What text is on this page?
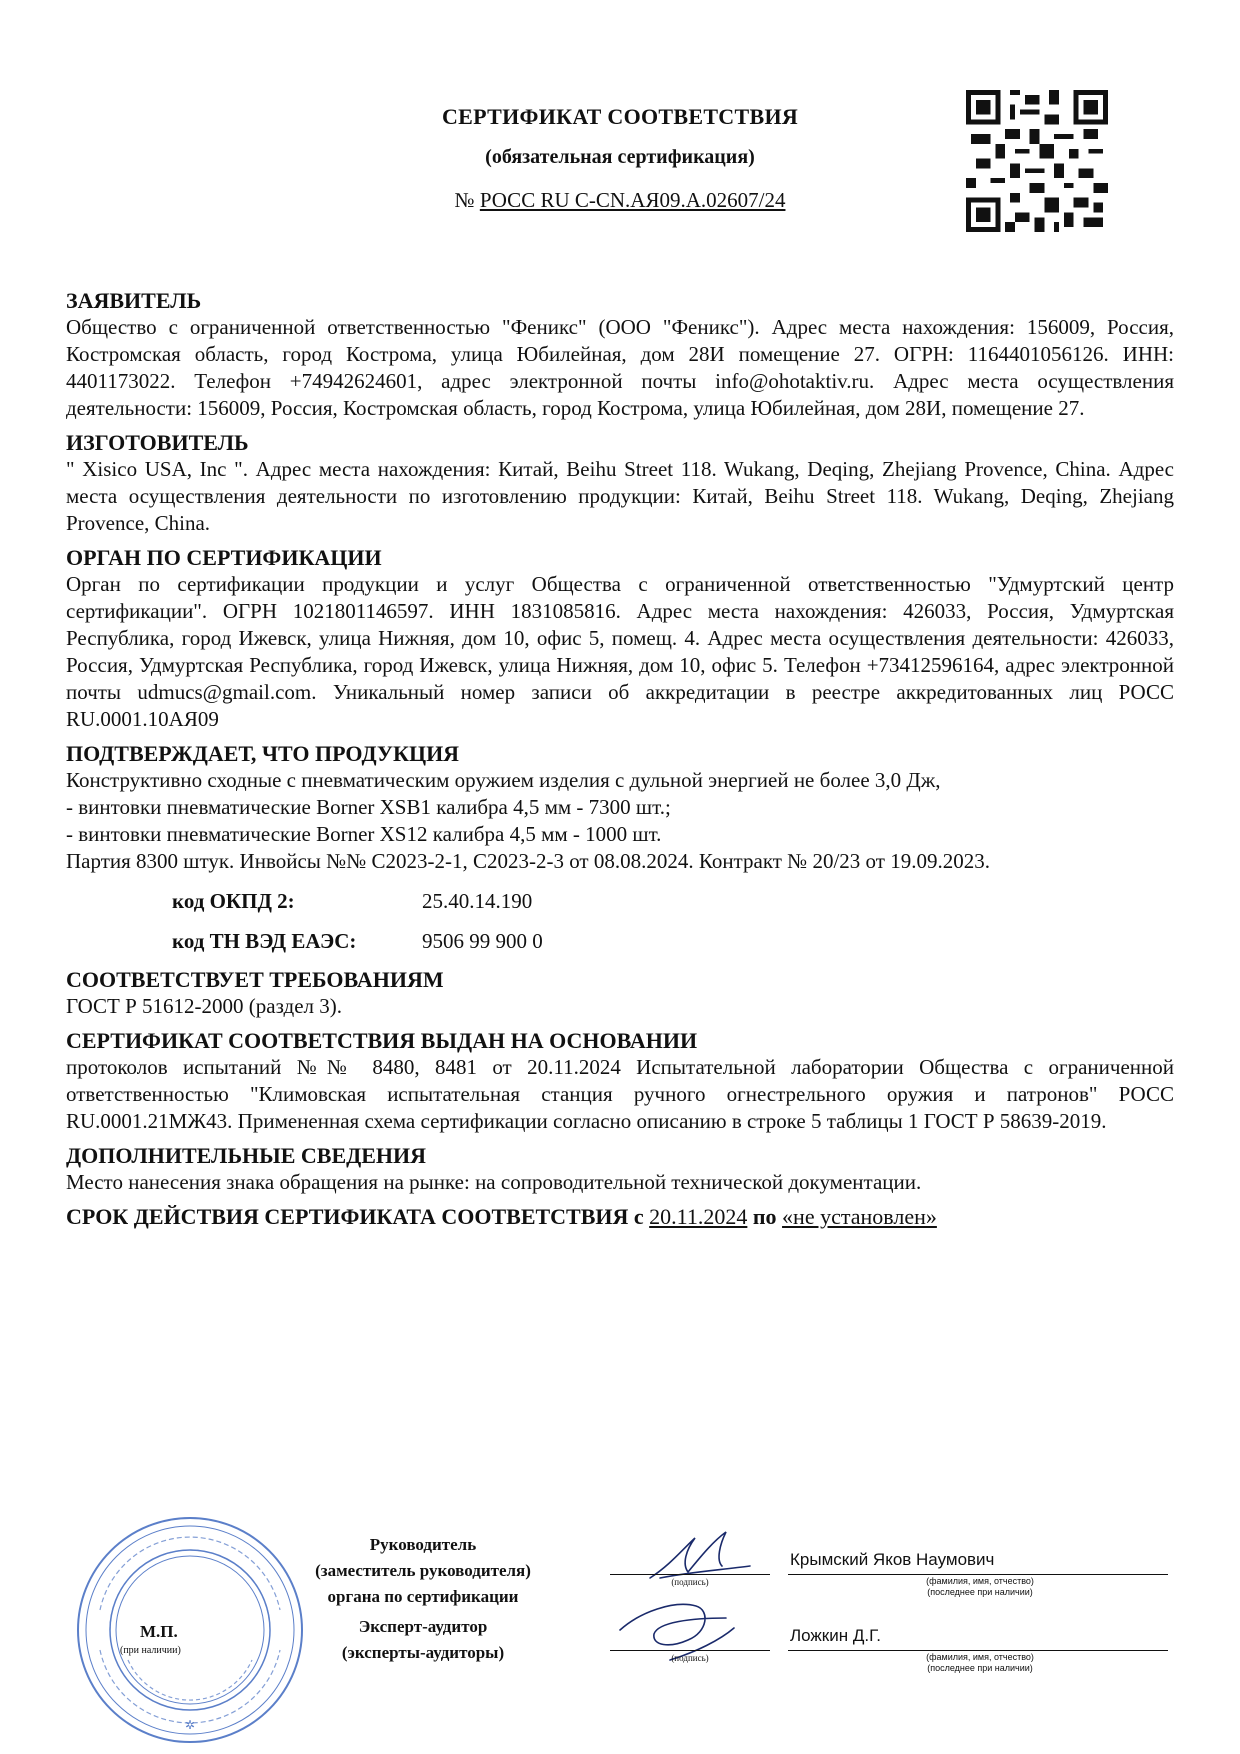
СЕРТИФИКАТ СООТВЕТСТВИЯ
(обязательная сертификация)
№ РОСС RU C-CN.АЯ09.А.02607/24
ЗАЯВИТЕЛЬ

Общество с ограниченной ответственностью "Феникс" (ООО "Феникс"). Адрес места нахождения: 156009, Россия, Костромская область, город Кострома, улица Юбилейная, дом 28И помещение 27. ОГРН: 1164401056126. ИНН: 4401173022. Телефон +74942624601, адрес электронной почты info@ohotaktiv.ru. Адрес места осуществления деятельности: 156009, Россия, Костромская область, город Кострома, улица Юбилейная, дом 28И, помещение 27.

ИЗГОТОВИТЕЛЬ

" Xisico USA, Inc ". Адрес места нахождения: Китай, Beihu Street 118. Wukang, Deqing, Zhejiang Provence, China. Адрес места осуществления деятельности по изготовлению продукции: Китай, Beihu Street 118. Wukang, Deqing, Zhejiang Provence, China.

ОРГАН ПО СЕРТИФИКАЦИИ

Орган по сертификации продукции и услуг Общества с ограниченной ответственностью "Удмуртский центр сертификации". ОГРН 1021801146597. ИНН 1831085816. Адрес места нахождения: 426033, Россия, Удмуртская Республика, город Ижевск, улица Нижняя, дом 10, офис 5, помещ. 4. Адрес места осуществления деятельности: 426033, Россия, Удмуртская Республика, город Ижевск, улица Нижняя, дом 10, офис 5. Телефон +73412596164, адрес электронной почты udmucs@gmail.com. Уникальный номер записи об аккредитации в реестре аккредитованных лиц РОСС RU.0001.10АЯ09

ПОДТВЕРЖДАЕТ, ЧТО ПРОДУКЦИЯ
Конструктивно сходные с пневматическим оружием изделия с дульной энергией не более 3,0 Дж,
- винтовки пневматические Borner XSB1 калибра 4,5 мм - 7300 шт.;
- винтовки пневматические Borner XS12 калибра 4,5 мм - 1000 шт.
Партия 8300 штук. Инвойсы №№ С2023-2-1, С2023-2-3 от 08.08.2024. Контракт № 20/23 от 19.09.2023.
код ОКПД 2:	25.40.14.190
код ТН ВЭД ЕАЭС:	9506 99 900 0
СООТВЕТСТВУЕТ ТРЕБОВАНИЯМ

ГОСТ Р 51612-2000 (раздел 3).

СЕРТИФИКАТ СООТВЕТСТВИЯ ВЫДАН НА ОСНОВАНИИ

протоколов испытаний №№ 8480, 8481 от 20.11.2024 Испытательной лаборатории Общества с ограниченной ответственностью "Климовская испытательная станция ручного огнестрельного оружия и патронов" РОСС RU.0001.21МЖ43. Примененная схема сертификации согласно описанию в строке 5 таблицы 1 ГОСТ Р 58639-2019.

ДОПОЛНИТЕЛЬНЫЕ СВЕДЕНИЯ

Место нанесения знака обращения на рынке: на сопроводительной технической документации.

СРОК ДЕЙСТВИЯ СЕРТИФИКАТА СООТВЕТСТВИЯ с 20.11.2024 по «не установлен»
✲
М.П.
(при наличии)
Руководитель
(заместитель руководителя)
органа по сертификации
Эксперт-аудитор
(эксперты-аудиторы)
(подпись)
(подпись)
Крымский Яков Наумович
(фамилия, имя, отчество)
(последнее при наличии)
Ложкин Д.Г.
(фамилия, имя, отчество)
(последнее при наличии)
